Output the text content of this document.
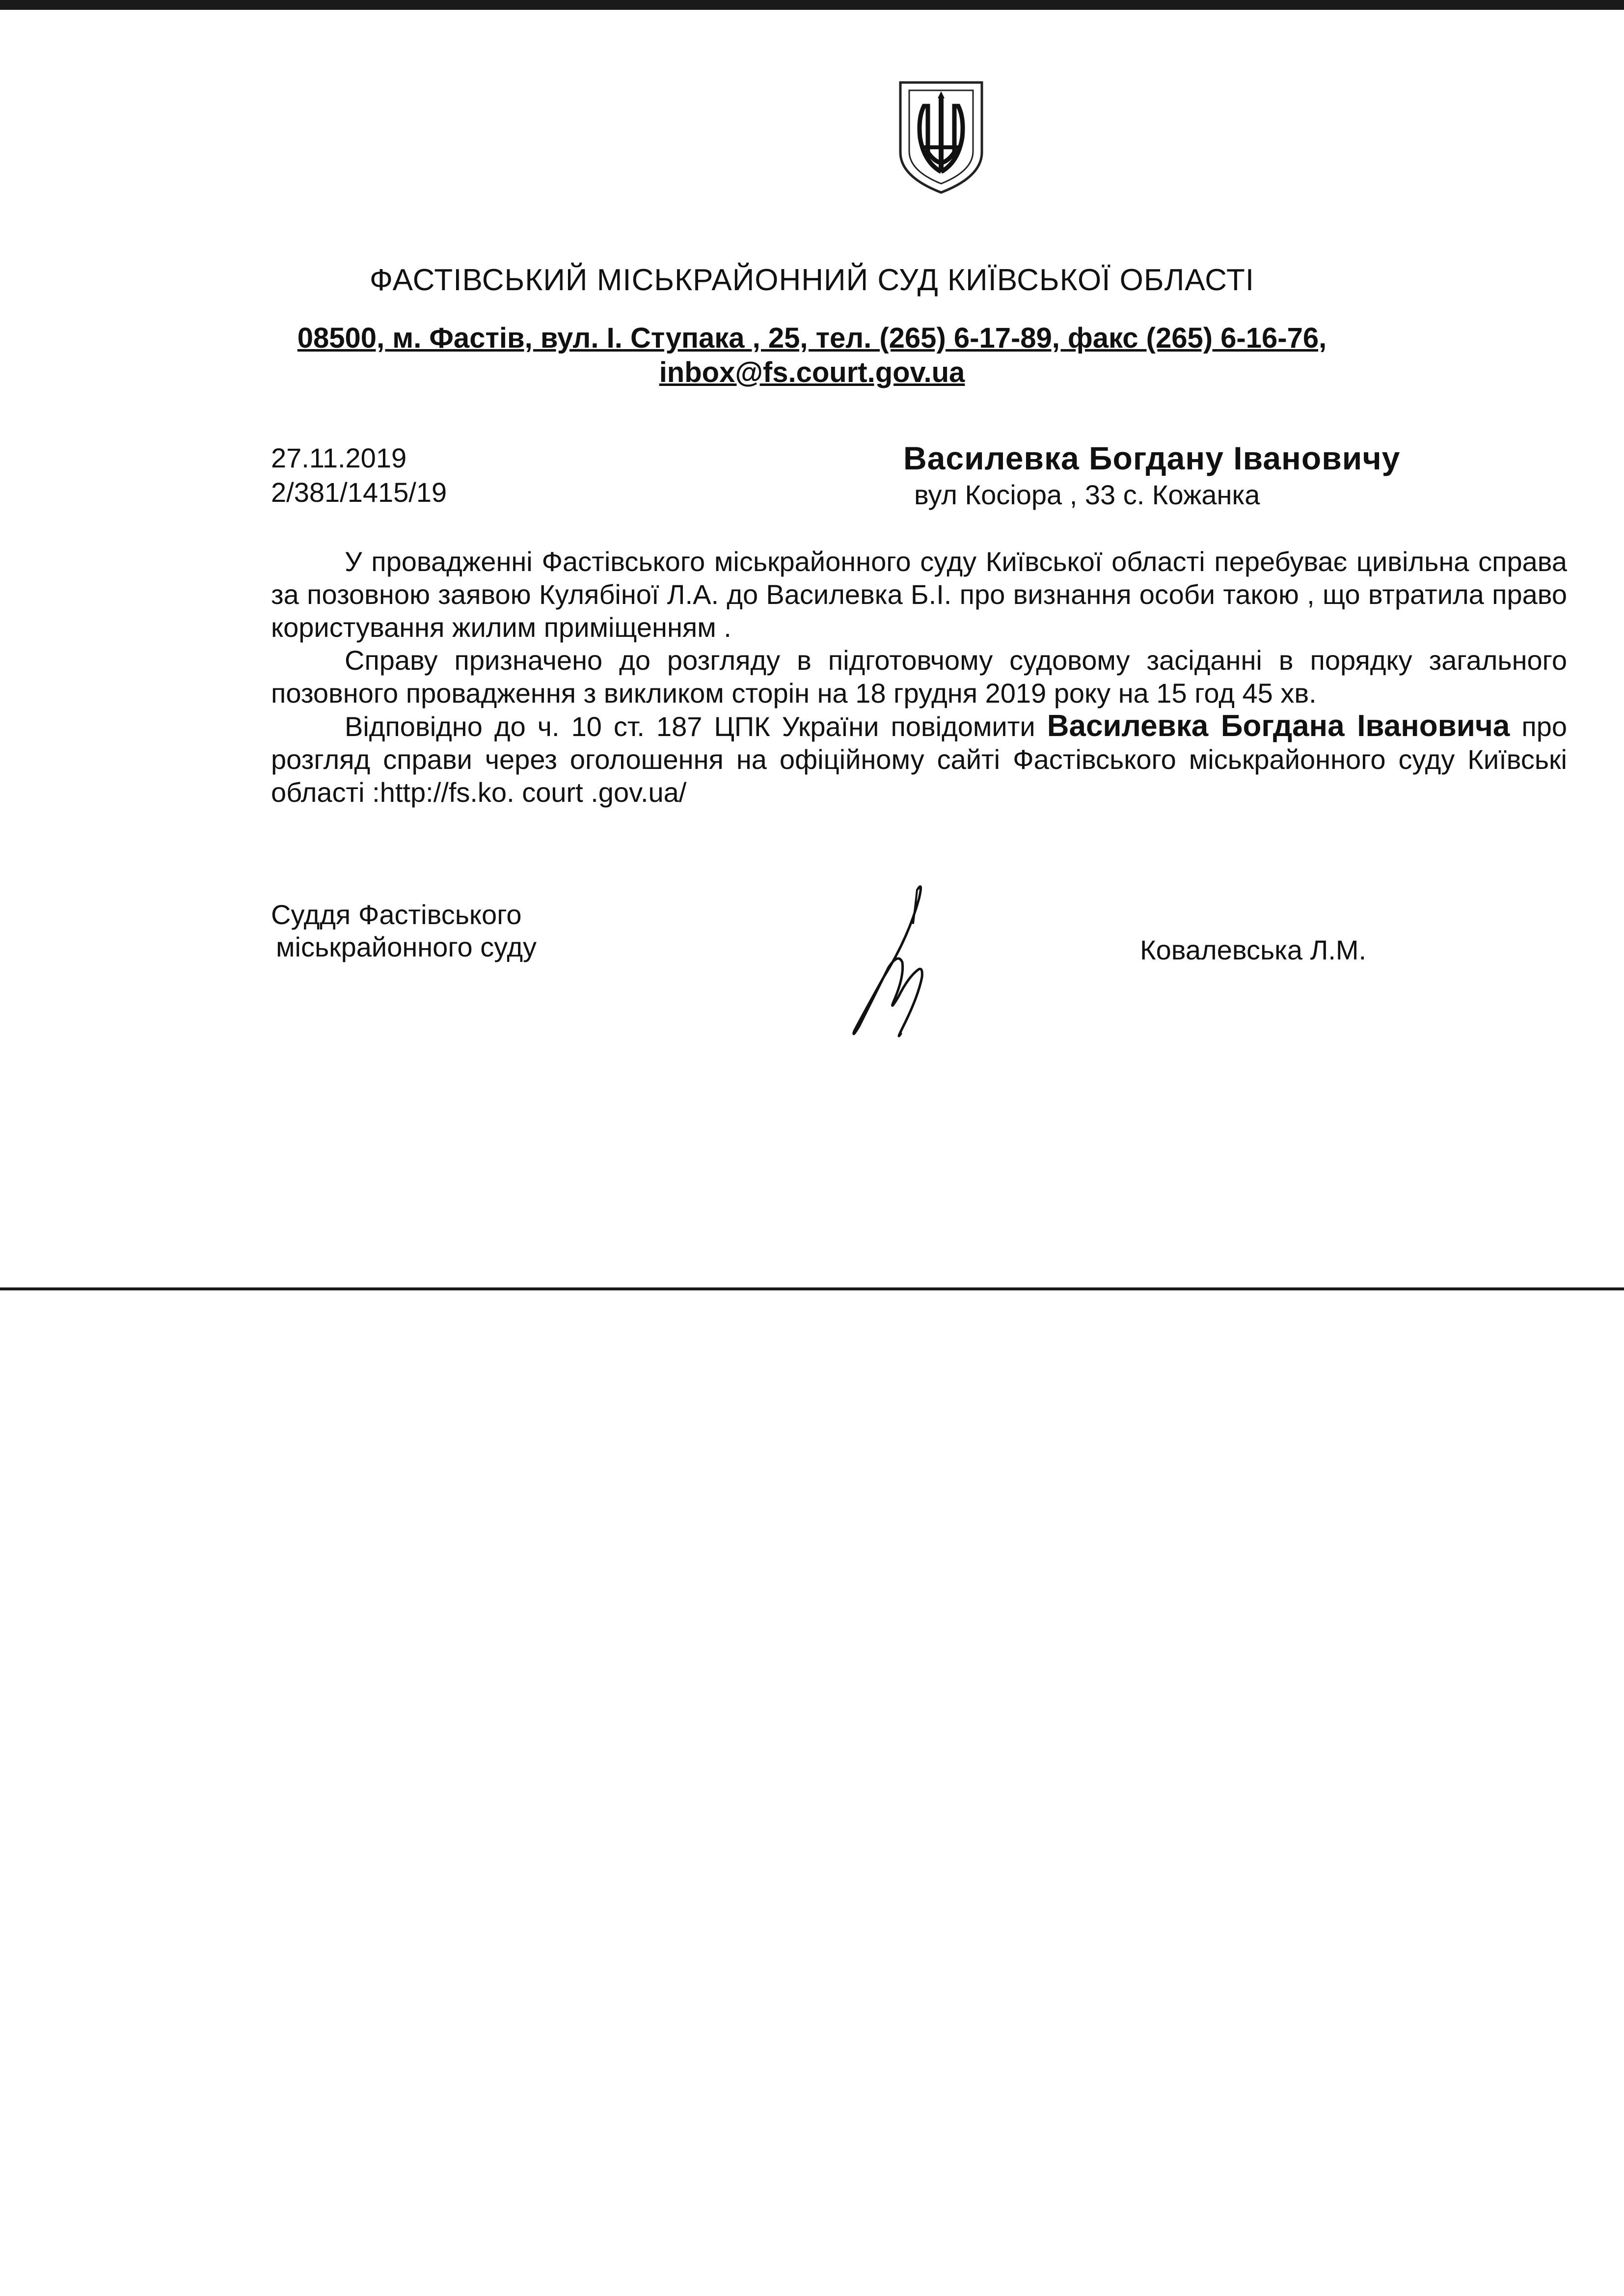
ФАСТІВСЬКИЙ МІСЬКРАЙОННИЙ СУД КИЇВСЬКОЇ ОБЛАСТІ
08500, м. Фастів, вул. І. Ступака , 25, тел. (265) 6-17-89, факс (265) 6-16-76,
inbox@fs.court.gov.ua
27.11.2019
2/381/1415/19
Василевка Богдану Івановичу
вул Косіора , 33 с. Кожанка

У провадженні Фастівського міськрайонного суду Київської області перебуває цивільна справа за позовною заявою Кулябіної Л.А. до Василевка Б.І. про визнання особи такою , що втратила право користування жилим приміщенням .

Справу призначено до розгляду в підготовчому судовому засіданні в порядку загального позовного провадження з викликом сторін на 18 грудня 2019 року на 15 год 45 хв.

Відповідно до ч. 10 ст. 187 ЦПК України повідомити Василевка Богдана Івановича про розгляд справи через оголошення на офіційному сайті Фастівського міськрайонного суду Київські області :http://fs.ko. court .gov.ua/

Суддя Фастівського
міськрайонного суду	Ковалевська Л.М.
